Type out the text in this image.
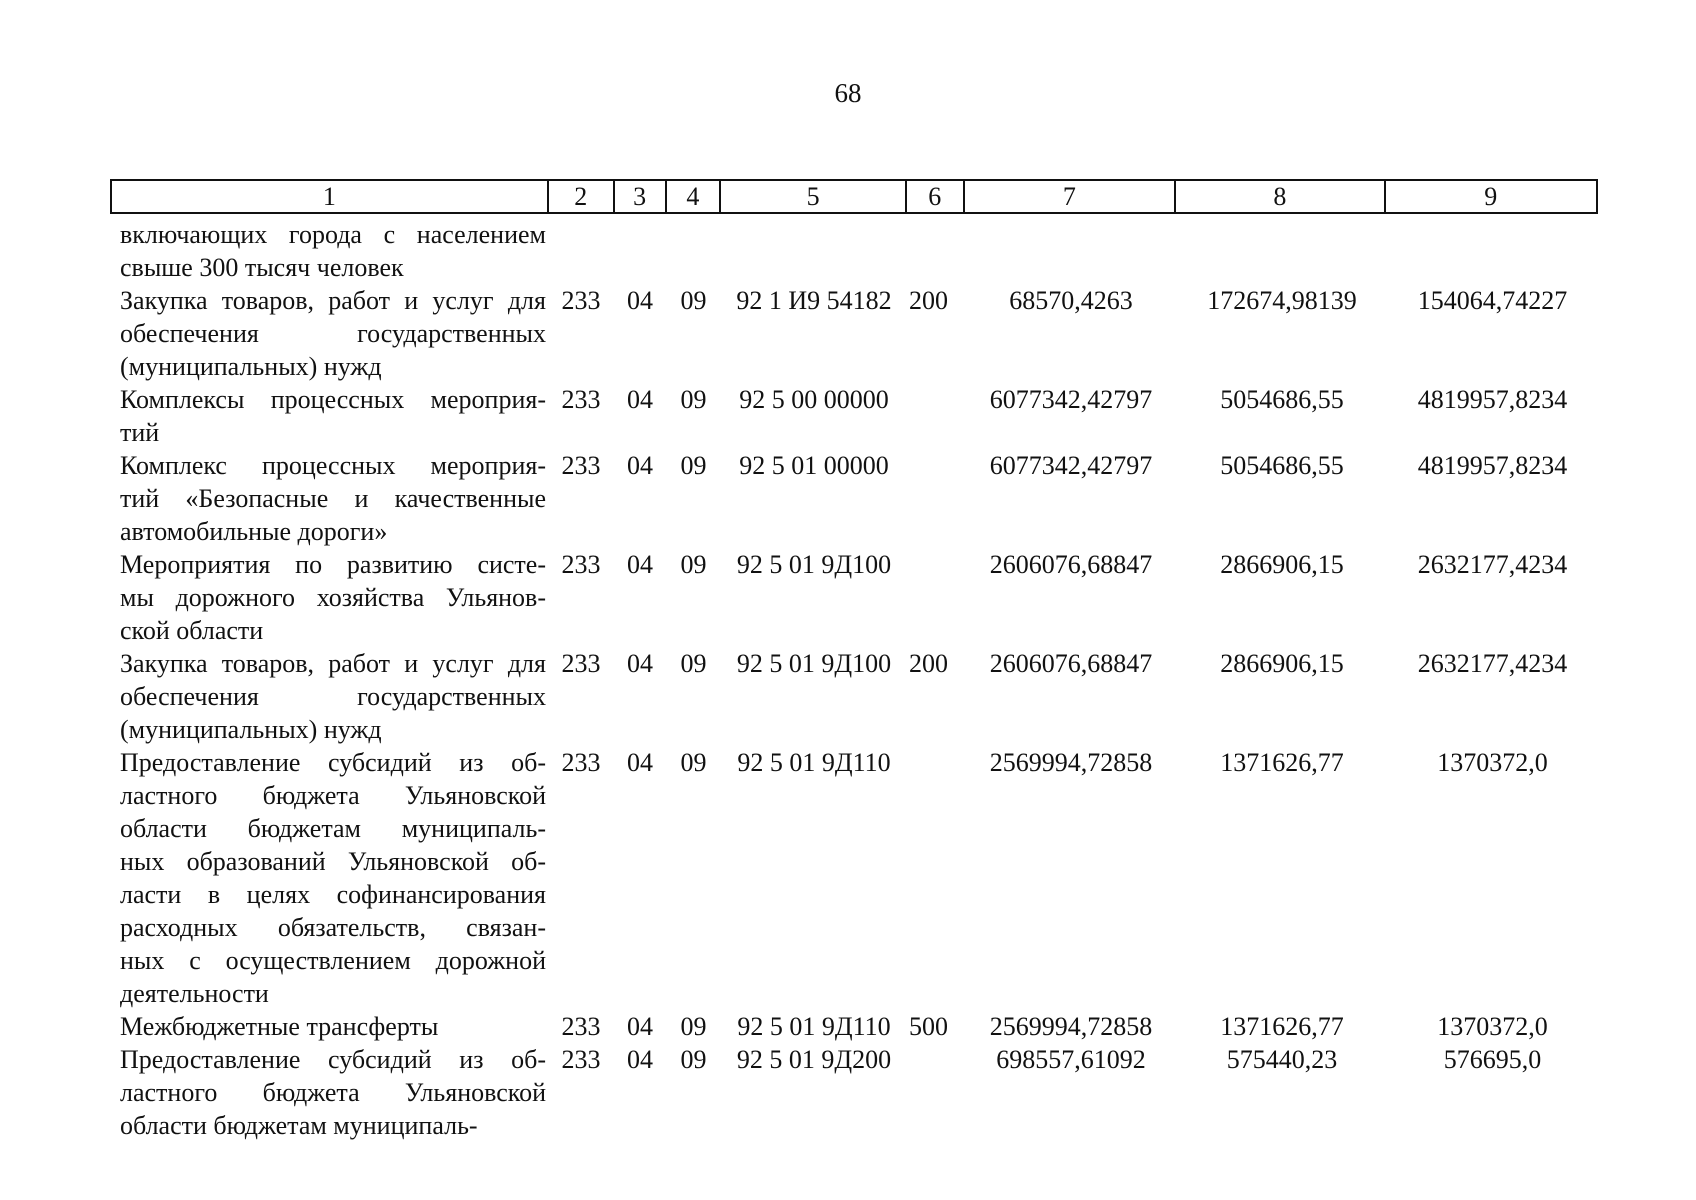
68
1	2	3	4	5	6	7	8	9
включающих города с населением
свыше 300 тысяч человек
Закупка товаров, работ и услуг для
обеспечения государственных
(муниципальных) нужд
233	04	09	92 1 И9 54182 200	68570,4263	172674,98139	154064,74227
Комплексы процессных мероприя-
тий
233	04	09	92 5 00 00000	6077342,42797	5054686,55	4819957,8234
Комплекс процессных мероприя-
тий «Безопасные и качественные
автомобильные дороги»
233	04	09	92 5 01 00000	6077342,42797	5054686,55	4819957,8234
Мероприятия по развитию систе-
мы дорожного хозяйства Ульянов-
ской области
233	04	09	92 5 01 9Д100	2606076,68847	2866906,15	2632177,4234
Закупка товаров, работ и услуг для
обеспечения государственных
(муниципальных) нужд
233	04	09	92 5 01 9Д100 200	2606076,68847	2866906,15	2632177,4234
Предоставление субсидий из об-
ластного бюджета Ульяновской
области бюджетам муниципаль-
ных образований Ульяновской об-
ласти в целях софинансирования
расходных обязательств, связан-
ных с осуществлением дорожной
деятельности
233	04	09	92 5 01 9Д110	2569994,72858	1371626,77	1370372,0
Межбюджетные трансферты	233	04	09	92 5 01 9Д110 500	2569994,72858	1371626,77	1370372,0
Предоставление субсидий из об-
ластного бюджета Ульяновской
области бюджетам муниципаль-
233	04	09	92 5 01 9Д200	698557,61092	575440,23	576695,0
